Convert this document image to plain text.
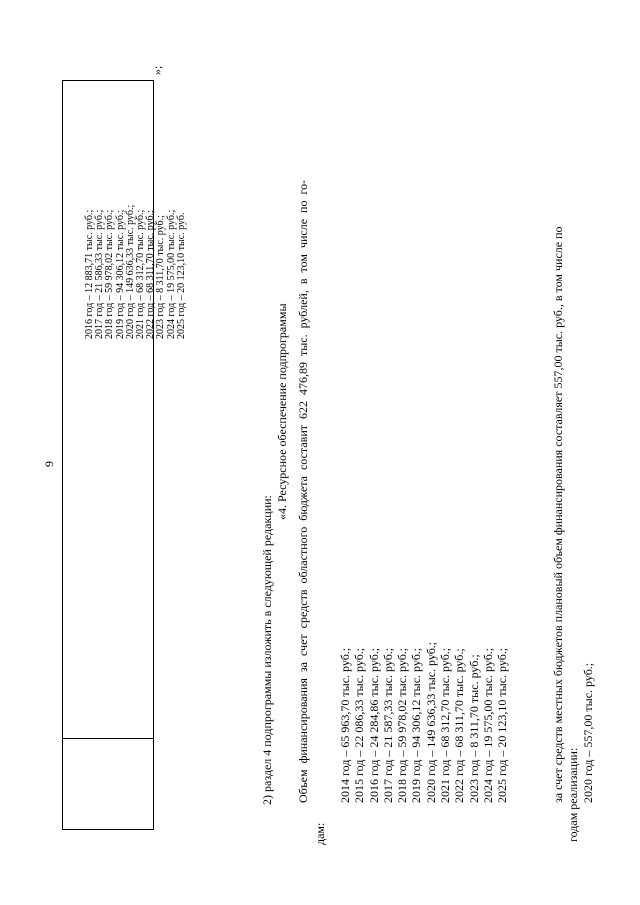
9
2016 год – 12 883,71 тыс. руб.; 2017 год – 21 586,33 тыс. руб.; 2018 год – 59 978,02 тыс. руб.; 2019 год – 94 306,12 тыс. руб.; 2020 год – 149 636,33 тыс. руб.; 2021 год – 68 312,70 тыс. руб.; 2022 год – 68 311,70 тыс. руб.; 2023 год – 8 311,70 тыс. руб.; 2024 год – 19 575,00 тыс. руб.; 2025 год – 20 123,10 тыс. руб.
»;
2) раздел 4 подпрограммы изложить в следующей редакции:
«4. Ресурсное обеспечение подпрограммы Объем финансирования за счет средств областного бюджета составит 622 476,89 тыс. рублей, в том числе по го-
дам:
2014 год – 65 963,70 тыс. руб.; 2015 год – 22 086,33 тыс. руб.; 2016 год – 24 284,86 тыс. руб.; 2017 год – 21 587,33 тыс. руб.; 2018 год – 59 978,02 тыс. руб.; 2019 год – 94 306,12 тыс. руб.; 2020 год – 149 636,33 тыс. руб.; 2021 год – 68 312,70 тыс. руб.; 2022 год – 68 311,70 тыс. руб.; 2023 год – 8 311,70 тыс. руб.; 2024 год – 19 575,00 тыс. руб.; 2025 год – 20 123,10 тыс. руб.;	за счет средств местных бюджетов плановый объем финансирования составляет 557,00 тыс. руб., в том числе по годам реализации: 2020 год – 557,00 тыс. руб.;
